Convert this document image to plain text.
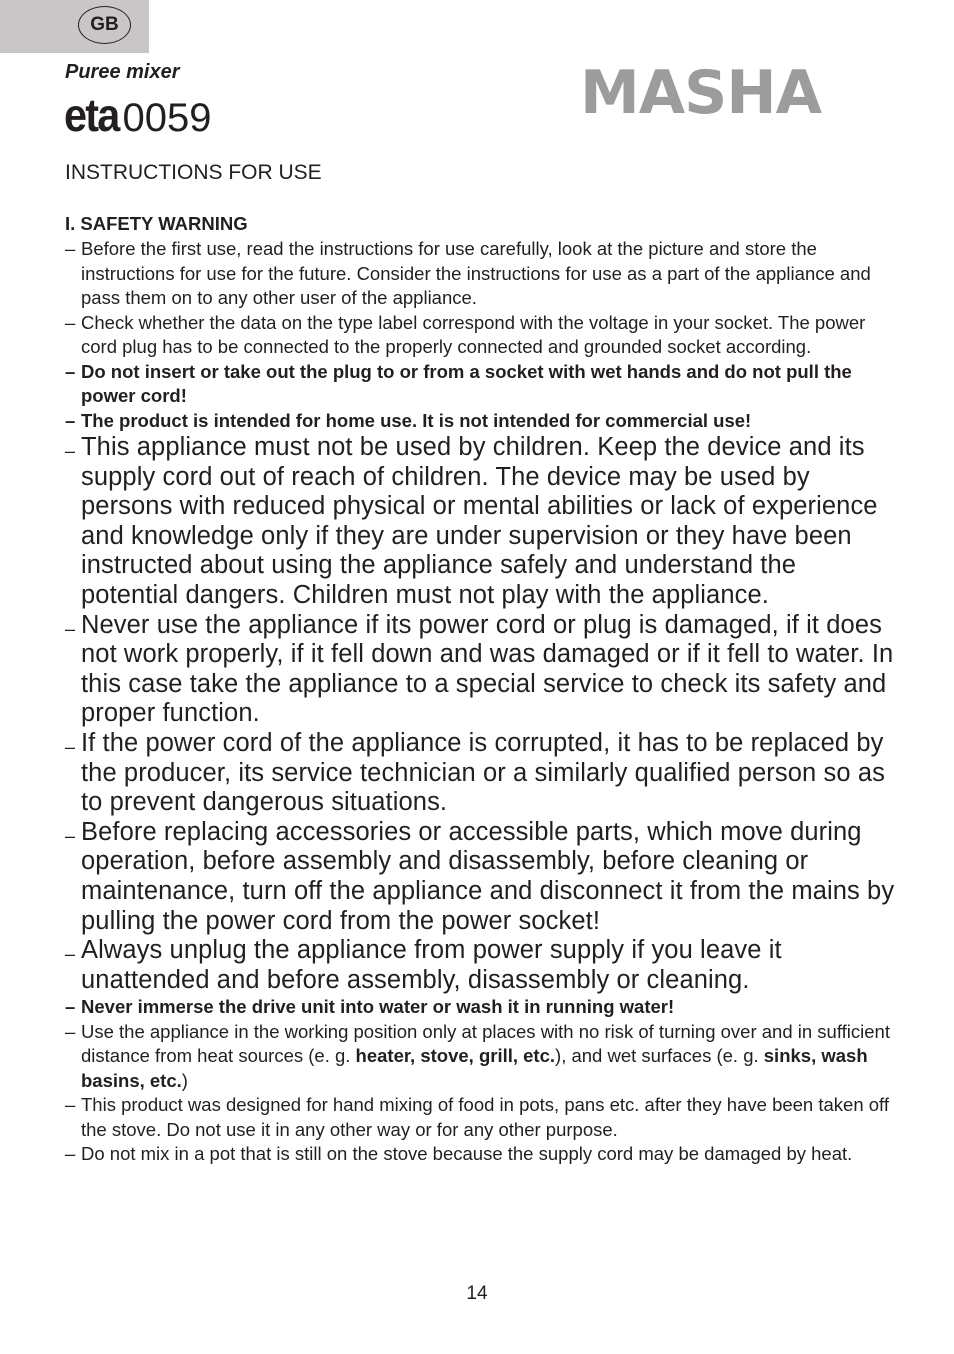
GB
Puree mixer
eta 0059	MASHA
INSTRUCTIONS FOR USE
I. SAFETY WARNING
– Before the first use, read the instructions for use carefully, look at the picture and store the instructions for use for the future. Consider the instructions for use as a part of the appliance and pass them on to any other user of the appliance.
– Check whether the data on the type label correspond with the voltage in your socket. The power cord plug has to be connected to the properly connected and grounded socket according.
– Do not insert or take out the plug to or from a socket with wet hands and do not pull the power cord!
– The product is intended for home use. It is not intended for commercial use!
– This appliance must not be used by children. Keep the device and its supply cord out of reach of children. The device may be used by persons with reduced physical or mental abilities or lack of experience and knowledge only if they are under supervision or they have been instructed about using the appliance safely and understand the potential dangers. Children must not play with the appliance.
– Never use the appliance if its power cord or plug is damaged, if it does not work properly, if it fell down and was damaged or if it fell to water. In this case take the appliance to a special service to check its safety and proper function.
– If the power cord of the appliance is corrupted, it has to be replaced by the producer, its service technician or a similarly qualified person so as to prevent dangerous situations.
– Before replacing accessories or accessible parts, which move during operation, before assembly and disassembly, before cleaning or maintenance, turn off the appliance and disconnect it from the mains by pulling the power cord from the power socket!
– Always unplug the appliance from power supply if you leave it unattended and before assembly, disassembly or cleaning.
– Never immerse the drive unit into water or wash it in running water!
– Use the appliance in the working position only at places with no risk of turning over and in sufficient distance from heat sources (e. g. heater, stove, grill, etc.), and wet surfaces (e. g. sinks, wash basins, etc.)
– This product was designed for hand mixing of food in pots, pans etc. after they have been taken off the stove. Do not use it in any other way or for any other purpose.
– Do not mix in a pot that is still on the stove because the supply cord may be damaged by heat.
14
